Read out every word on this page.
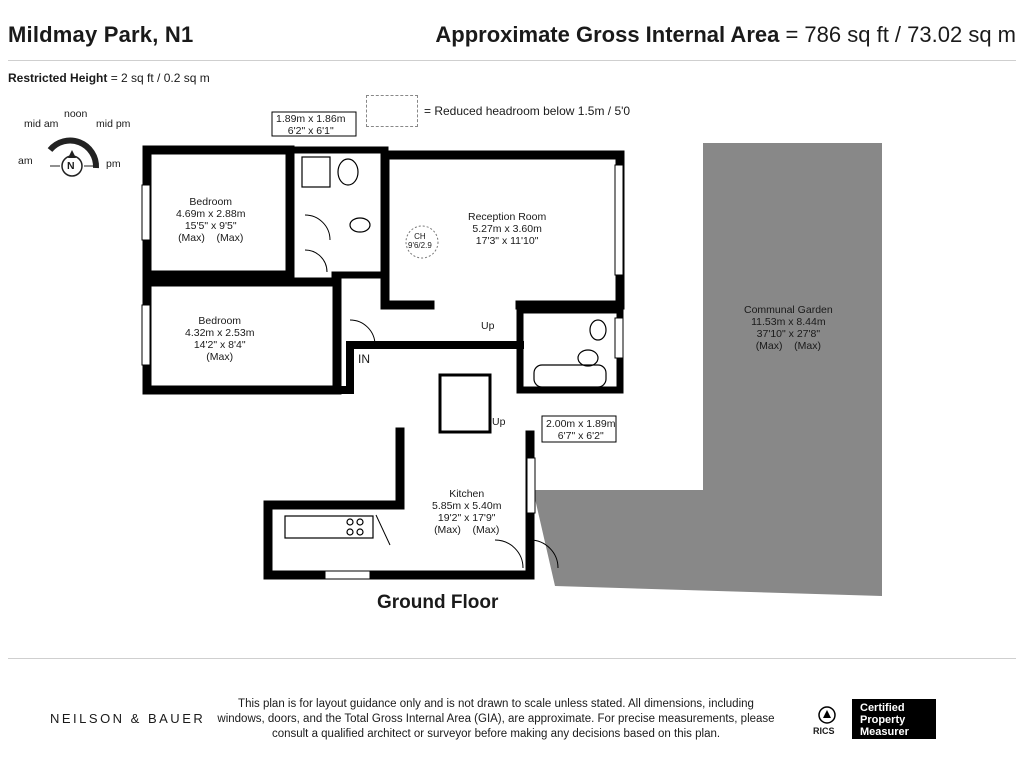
Mildmay Park, N1	Approximate Gross Internal Area = 786 sq ft / 73.02 sq m
Restricted Height = 2 sq ft / 0.2 sq m
= Reduced headroom below 1.5m / 5'0
am
mid am
noon
mid pm
pm
N
Bedroom
4.69m x 2.88m
15'5" x 9'5"
(Max)    (Max)
Bedroom
4.32m x 2.53m
14'2" x 8'4"
(Max)
1.89m x 1.86m
6'2" x 6'1"
Reception Room
5.27m x 3.60m
17'3" x 11'10"
CH
9'6/2.9
2.00m x 1.89m
6'7" x 6'2"
Kitchen
5.85m x 5.40m
19'2" x 17'9"
(Max)    (Max)
Communal Garden
11.53m x 8.44m
37'10" x 27'8"
(Max)    (Max)
IN
Up
Up
Ground Floor
NEILSON & BAUER
This plan is for layout guidance only and is not drawn to scale unless stated. All dimensions, including windows, doors, and the Total Gross Internal Area (GIA), are approximate. For precise measurements, please consult a qualified architect or surveyor before making any decisions based on this plan.	RICS
Certified
Property
Measurer
